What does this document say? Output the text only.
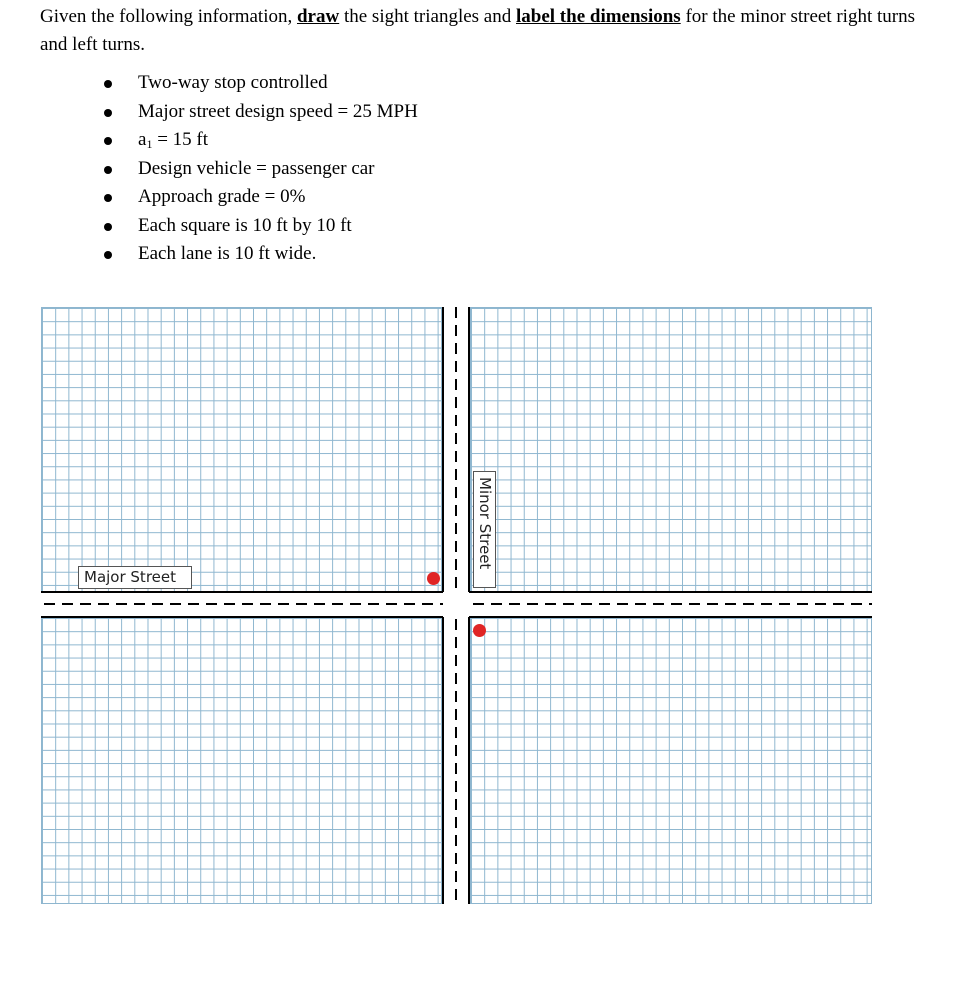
Given the following information, draw the sight triangles and label the dimensions for the minor street right turns and left turns.

Two-way stop controlled
Major street design speed = 25 MPH
$a_1 = 15$ ft
Design vehicle = passenger car
Approach grade = 0%
Each square is 10 ft by 10 ft
Each lane is 10 ft wide.
Major Street
Minor Street
